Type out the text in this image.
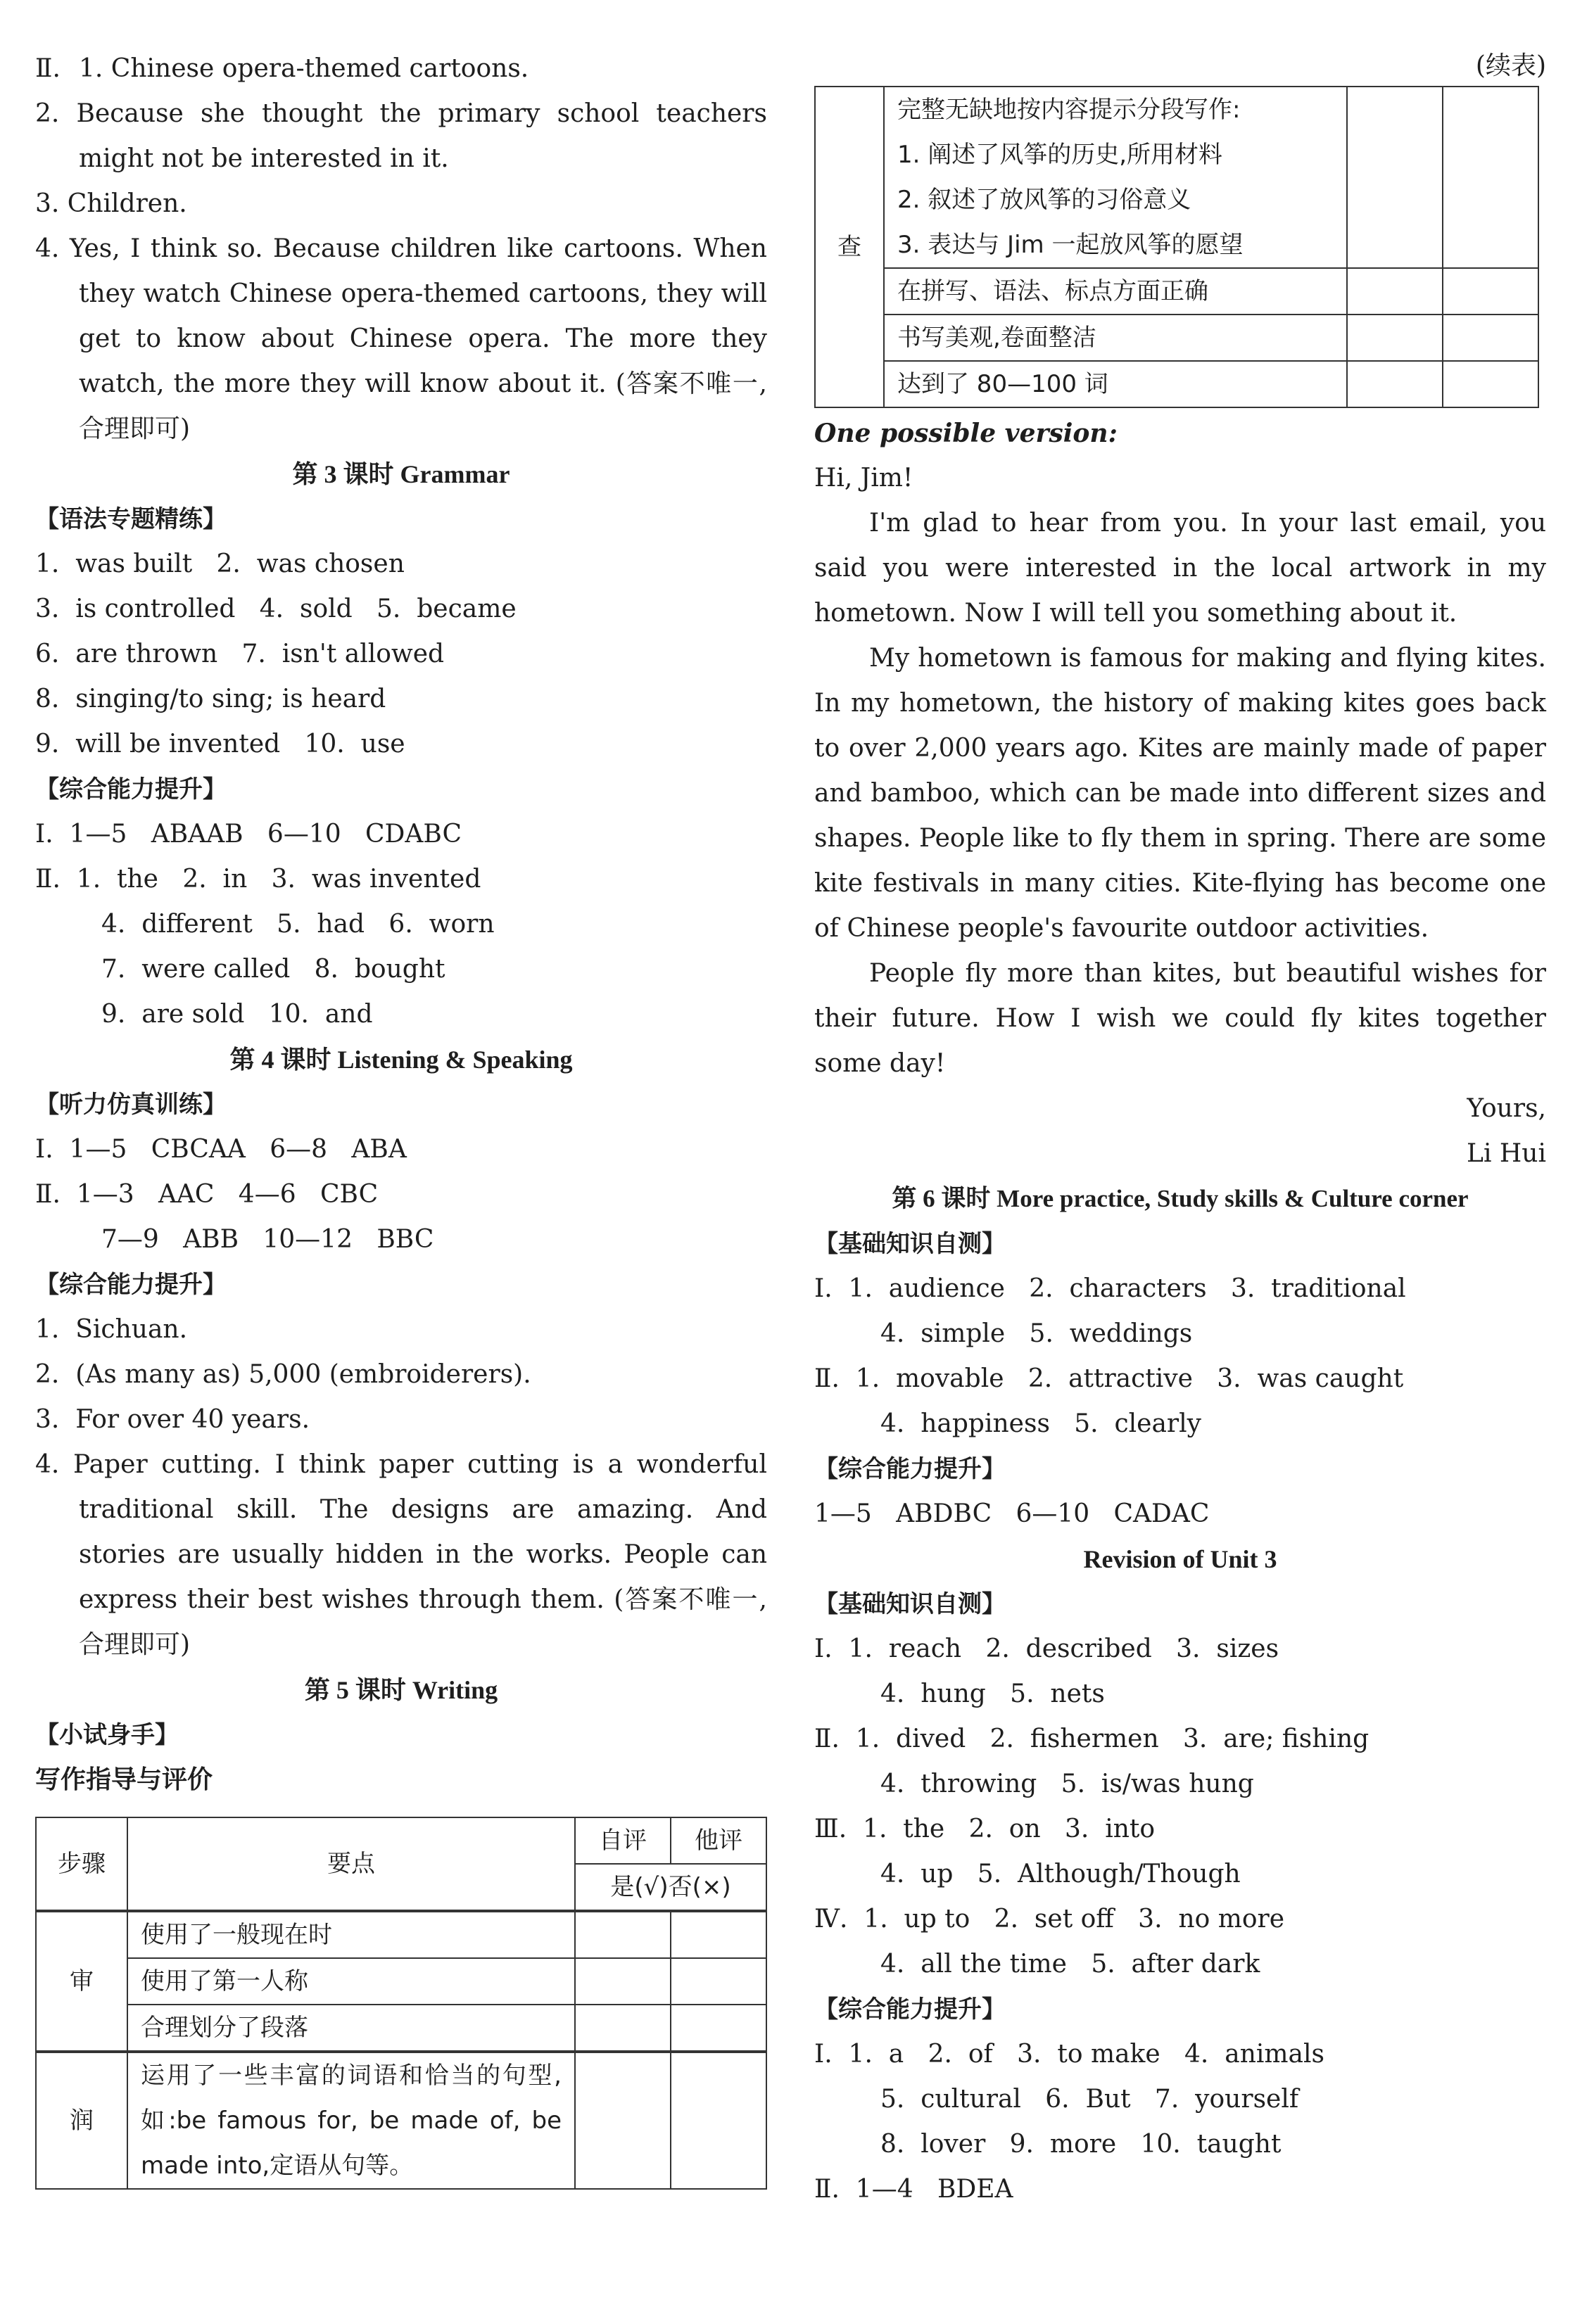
Ⅱ. 1. Chinese opera-themed cartoons.
2. Because she thought the primary school teachers might not be interested in it.
3. Children.
4. Yes, I think so. Because children like cartoons. When they watch Chinese opera-themed cartoons, they will get to know about Chinese opera. The more they watch, the more they will know about it. (答案不唯一,合理即可)
第 3 课时 Grammar
【语法专题精练】
1.  was built   2.  was chosen
3.  is controlled   4.  sold   5.  became
6.  are thrown   7.  isn't allowed
8.  singing/to sing; is heard
9.  will be invented   10.  use
【综合能力提升】
Ⅰ.  1—5   ABAAB   6—10   CDABC
Ⅱ.  1.  the   2.  in   3.  was invented
4.  different   5.  had   6.  worn
7.  were called   8.  bought
9.  are sold   10.  and
第 4 课时 Listening & Speaking
【听力仿真训练】
Ⅰ.  1—5   CBCAA   6—8   ABA
Ⅱ.  1—3   AAC   4—6   CBC
7—9   ABB   10—12   BBC
【综合能力提升】
1.  Sichuan.
2.  (As many as) 5,000 (embroiderers).
3.  For over 40 years.
4. Paper cutting. I think paper cutting is a wonderful traditional skill. The designs are amazing. And stories are usually hidden in the works. People can express their best wishes through them. (答案不唯一,合理即可)
第 5 课时 Writing
【小试身手】
写作指导与评价
步骤	要点	自评	他评
		是(√)否(×)	
审	使用了一般现在时		
	使用了第一人称		
	合理划分了段落		
润	运用了一些丰富的词语和恰当的句型,如:be famous for, be made of, be made into,定语从句等。		
(续表)
查	完整无缺地按内容提示分段写作:
1. 阐述了风筝的历史,所用材料
2. 叙述了放风筝的习俗意义
3. 表达与 Jim 一起放风筝的愿望		

	在拼写、语法、标点方面正确		
	书写美观,卷面整洁		
	达到了 80—100 词		
One possible version:
Hi, Jim!
I'm glad to hear from you. In your last email, you said you were interested in the local artwork in my hometown. Now I will tell you something about it.
My hometown is famous for making and flying kites. In my hometown, the history of making kites goes back to over 2,000 years ago. Kites are mainly made of paper and bamboo, which can be made into different sizes and shapes. People like to fly them in spring. There are some kite festivals in many cities. Kite-flying has become one of Chinese people's favourite outdoor activities.
People fly more than kites, but beautiful wishes for their future. How I wish we could fly kites together some day!
Yours,
Li Hui
第 6 课时 More practice, Study skills & Culture corner
【基础知识自测】
Ⅰ.  1.  audience   2.  characters   3.  traditional
4.  simple   5.  weddings
Ⅱ.  1.  movable   2.  attractive   3.  was caught
4.  happiness   5.  clearly
【综合能力提升】
1—5   ABDBC   6—10   CADAC
Revision of Unit 3
【基础知识自测】
Ⅰ.  1.  reach   2.  described   3.  sizes
4.  hung   5.  nets
Ⅱ.  1.  dived   2.  fishermen   3.  are; fishing
4.  throwing   5.  is/was hung
Ⅲ.  1.  the   2.  on   3.  into
4.  up   5.  Although/Though
Ⅳ.  1.  up to   2.  set off   3.  no more
4.  all the time   5.  after dark
【综合能力提升】
Ⅰ.  1.  a   2.  of   3.  to make   4.  animals
5.  cultural   6.  But   7.  yourself
8.  lover   9.  more   10.  taught
Ⅱ.  1—4   BDEA
